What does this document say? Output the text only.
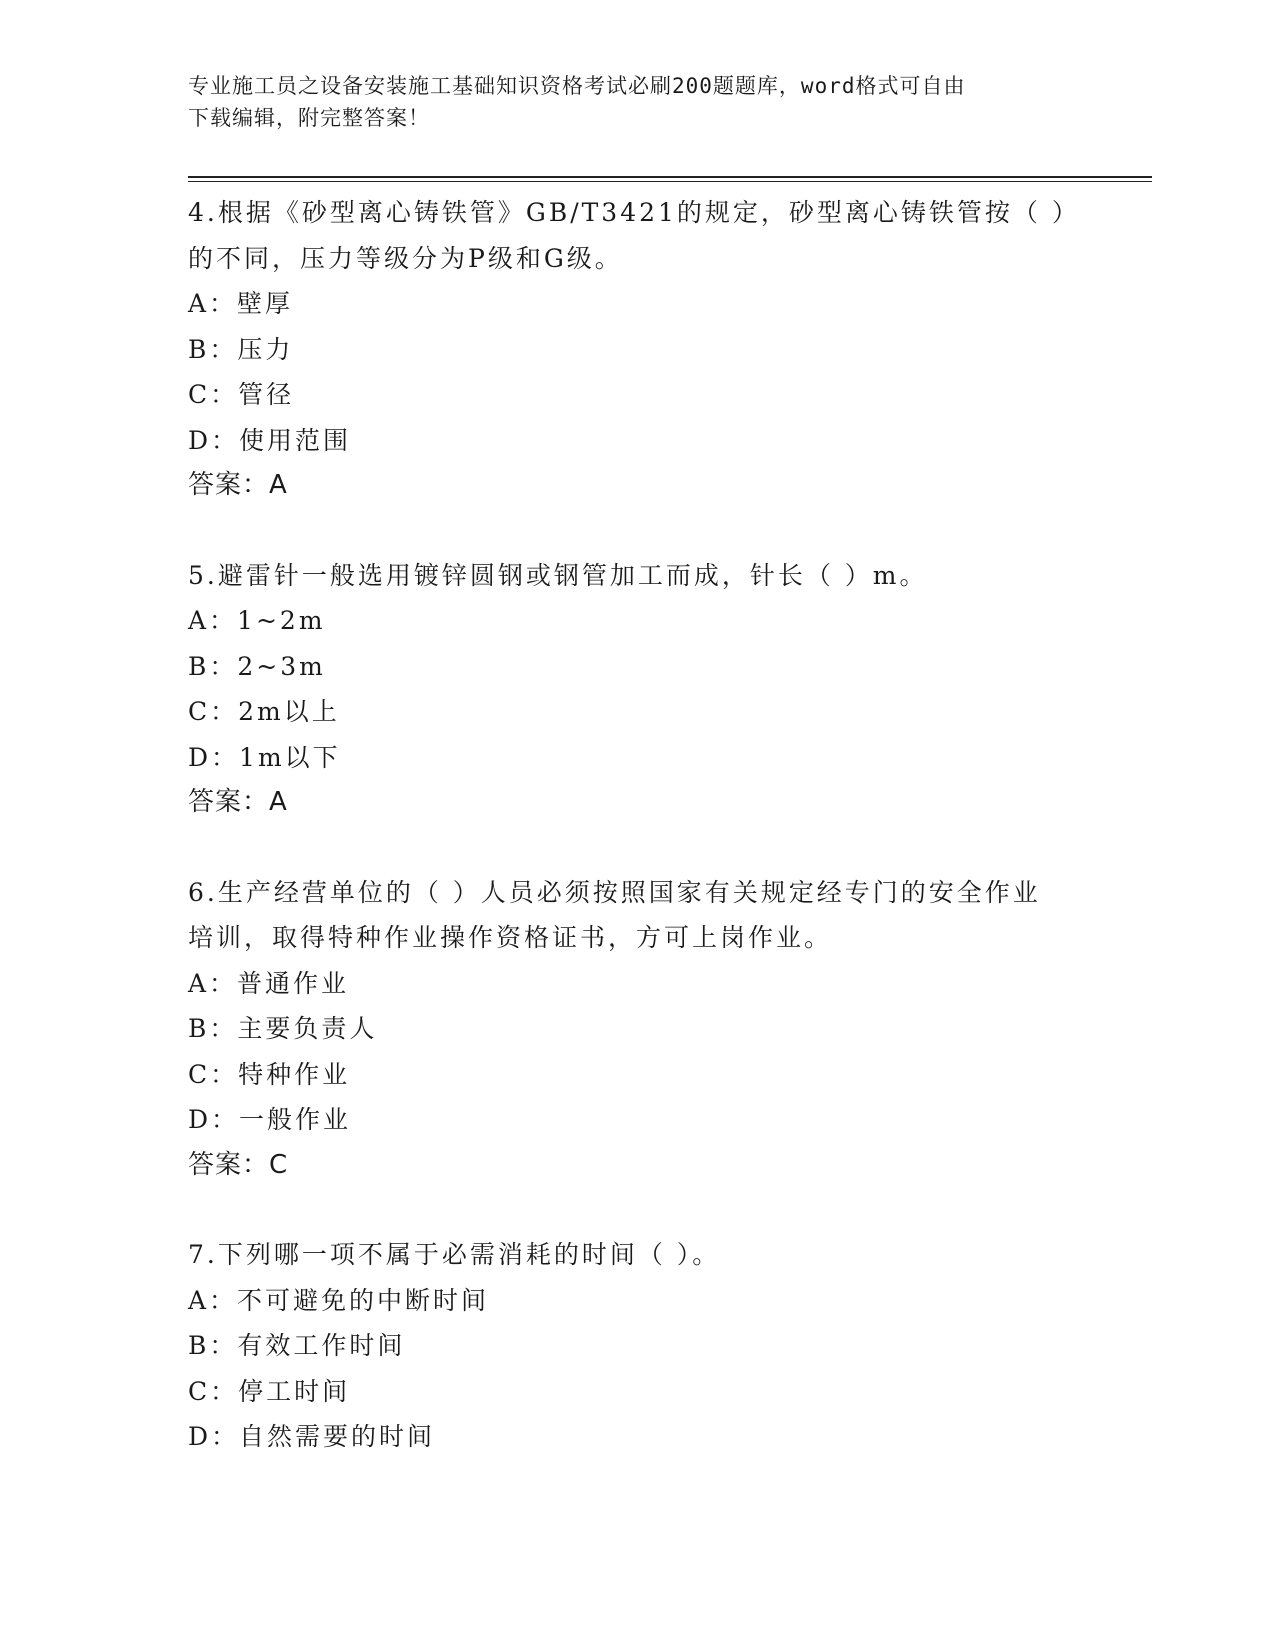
专业施工员之设备安装施工基础知识资格考试必刷200题题库，word格式可自由
下载编辑，附完整答案！
4.根据《砂型离心铸铁管》GB/T3421的规定，砂型离心铸铁管按（ ）
的不同，压力等级分为P级和G级。
A：壁厚
B：压力
C：管径
D：使用范围
答案：A
5.避雷针一般选用镀锌圆钢或钢管加工而成，针长（ ）m。
A：1~2m
B：2~3m
C：2m以上
D：1m以下
答案：A
6.生产经营单位的（ ）人员必须按照国家有关规定经专门的安全作业
培训，取得特种作业操作资格证书，方可上岗作业。
A：普通作业
B：主要负责人
C：特种作业
D：一般作业
答案：C
7.下列哪一项不属于必需消耗的时间（ ）。
A：不可避免的中断时间
B：有效工作时间
C：停工时间
D：自然需要的时间
